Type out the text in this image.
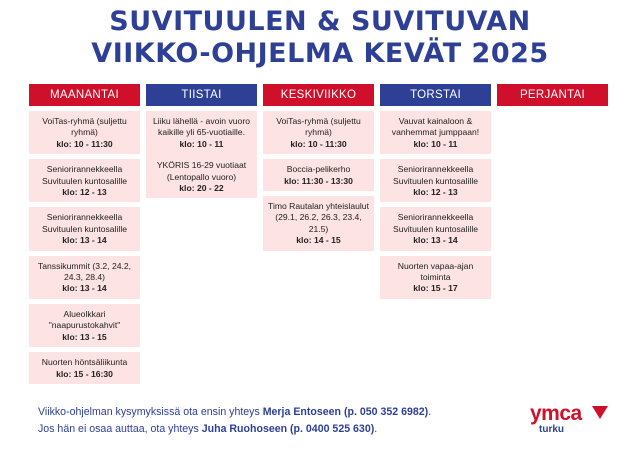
SUVITUULEN & SUVITUVAN
VIIKKO-OHJELMA KEVÄT 2025
MAANANTAI
VoiTas-ryhmä (suljettu ryhmä)
klo: 10 - 11:30
Seniorirannekkeella Suvituulen kuntosalille
klo: 12 - 13
Seniorirannekkeella Suvituulen kuntosalille
klo: 13 - 14
Tanssikummit (3.2, 24.2, 24.3, 28.4)
klo: 13 - 14
Alueolkkari "naapurustokahvit"
klo: 13 - 15
Nuorten höntsäliikunta
klo: 15 - 16:30
TIISTAI
Liiku lähellä - avoin vuoro kaikille yli 65-vuotiaille.
klo: 10 - 11
YKÖRIS 16-29 vuotiaat (Lentopallo vuoro)
klo: 20 - 22
KESKIVIIKKO
VoiTas-ryhmä (suljettu ryhmä)
klo: 10 - 11:30
Boccia-pelikerho
klo: 11:30 - 13:30
Timo Rautalan yhteislaulut (29.1, 26.2, 26.3, 23.4, 21.5)
klo: 14 - 15
TORSTAI
Vauvat kainaloon & vanhemmat jumppaan!
klo: 10 - 11
Seniorirannekkeella Suvituulen kuntosalille
klo: 12 - 13
Seniorirannekkeella Suvituulen kuntosalille
klo: 13 - 14
Nuorten vapaa-ajan toiminta
klo: 15 - 17
PERJANTAI
Viikko-ohjelman kysymyksissä ota ensin yhteys Merja Entoseen (p. 050 352 6982).
Jos hän ei osaa auttaa, ota yhteys Juha Ruohoseen (p. 0400 525 630).
ymca
turku
